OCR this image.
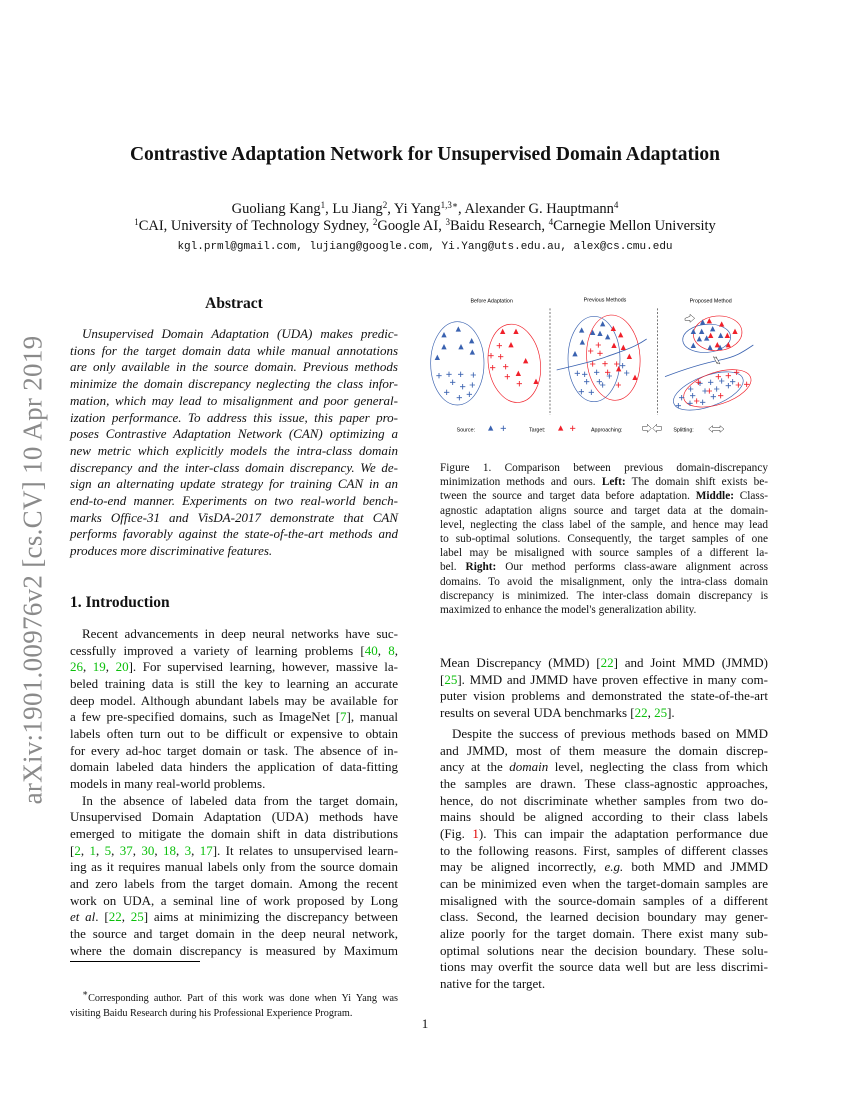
arXiv:1901.00976v2 [cs.CV] 10 Apr 2019
Contrastive Adaptation Network for Unsupervised Domain Adaptation
Guoliang Kang$^1$, Lu Jiang$^2$, Yi Yang$^{1,3∗}$, Alexander G. Hauptmann$^4$
$^1$CAI, University of Technology Sydney, $^2$Google AI, $^3$Baidu Research, $^4$Carnegie Mellon University
kgl.prml@gmail.com, lujiang@google.com, Yi.Yang@uts.edu.au, alex@cs.cmu.edu
Abstract
Unsupervised Domain Adaptation (UDA) makes predic-
tions for the target domain data while manual annotations
are only available in the source domain. Previous methods
minimize the domain discrepancy neglecting the class infor-
mation, which may lead to misalignment and poor general-
ization performance. To address this issue, this paper pro-
poses Contrastive Adaptation Network (CAN) optimizing a
new metric which explicitly models the intra-class domain
discrepancy and the inter-class domain discrepancy. We de-
sign an alternating update strategy for training CAN in an
end-to-end manner. Experiments on two real-world bench-
marks Office-31 and VisDA-2017 demonstrate that CAN
performs favorably against the state-of-the-art methods and
produces more discriminative features.
1. Introduction
Recent advancements in deep neural networks have suc-
cessfully improved a variety of learning problems [40, 8,
26, 19, 20]. For supervised learning, however, massive la-
beled training data is still the key to learning an accurate
deep model. Although abundant labels may be available for
a few pre-specified domains, such as ImageNet [7], manual
labels often turn out to be difficult or expensive to obtain
for every ad-hoc target domain or task. The absence of in-
domain labeled data hinders the application of data-fitting
models in many real-world problems.
In the absence of labeled data from the target domain,
Unsupervised Domain Adaptation (UDA) methods have
emerged to mitigate the domain shift in data distributions
[2, 1, 5, 37, 30, 18, 3, 17]. It relates to unsupervised learn-
ing as it requires manual labels only from the source domain
and zero labels from the target domain. Among the recent
work on UDA, a seminal line of work proposed by Long
et al. [22, 25] aims at minimizing the discrepancy between
the source and target domain in the deep neural network,
where the domain discrepancy is measured by Maximum
∗Corresponding author. Part of this work was done when Yi Yang was
visiting Baidu Research during his Professional Experience Program.
Before Adaptation	Previous Methods	Proposed Method
Source:	Target:	Approaching:	Splitting:
Figure 1. Comparison between previous domain-discrepancy
minimization methods and ours. Left: The domain shift exists be-
tween the source and target data before adaptation. Middle: Class-
agnostic adaptation aligns source and target data at the domain-
level, neglecting the class label of the sample, and hence may lead
to sub-optimal solutions. Consequently, the target samples of one
label may be misaligned with source samples of a different la-
bel. Right: Our method performs class-aware alignment across
domains. To avoid the misalignment, only the intra-class domain
discrepancy is minimized. The inter-class domain discrepancy is
maximized to enhance the model's generalization ability.
Mean Discrepancy (MMD) [22] and Joint MMD (JMMD)
[25]. MMD and JMMD have proven effective in many com-
puter vision problems and demonstrated the state-of-the-art
results on several UDA benchmarks [22, 25].
Despite the success of previous methods based on MMD
and JMMD, most of them measure the domain discrep-
ancy at the domain level, neglecting the class from which
the samples are drawn. These class-agnostic approaches,
hence, do not discriminate whether samples from two do-
mains should be aligned according to their class labels
(Fig. 1). This can impair the adaptation performance due
to the following reasons. First, samples of different classes
may be aligned incorrectly, e.g. both MMD and JMMD
can be minimized even when the target-domain samples are
misaligned with the source-domain samples of a different
class. Second, the learned decision boundary may gener-
alize poorly for the target domain. There exist many sub-
optimal solutions near the decision boundary. These solu-
tions may overfit the source data well but are less discrimi-
native for the target.
1
